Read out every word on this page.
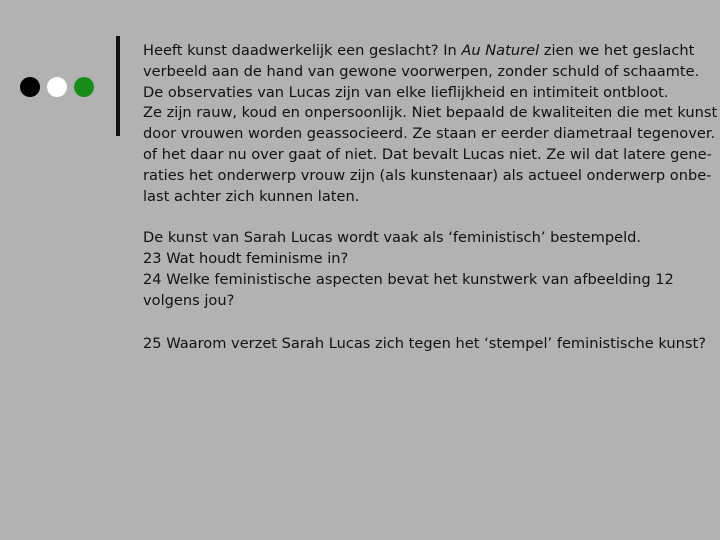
Heeft kunst daadwerkelijk een geslacht? In Au Naturel zien we het geslacht
verbeeld aan de hand van gewone voorwerpen, zonder schuld of schaamte.
De observaties van Lucas zijn van elke lieflijkheid en intimiteit ontbloot.
Ze zijn rauw, koud en onpersoonlijk. Niet bepaald de kwaliteiten die met kunst
door vrouwen worden geassocieerd. Ze staan er eerder diametraal tegenover.
of het daar nu over gaat of niet. Dat bevalt Lucas niet. Ze wil dat latere gene-
raties het onderwerp vrouw zijn (als kunstenaar) als actueel onderwerp onbe-
last achter zich kunnen laten.
De kunst van Sarah Lucas wordt vaak als ‘feministisch’ bestempeld.
23 Wat houdt feminisme in?
24 Welke feministische aspecten bevat het kunstwerk van afbeelding 12
volgens jou?
25 Waarom verzet Sarah Lucas zich tegen het ‘stempel’ feministische kunst?
